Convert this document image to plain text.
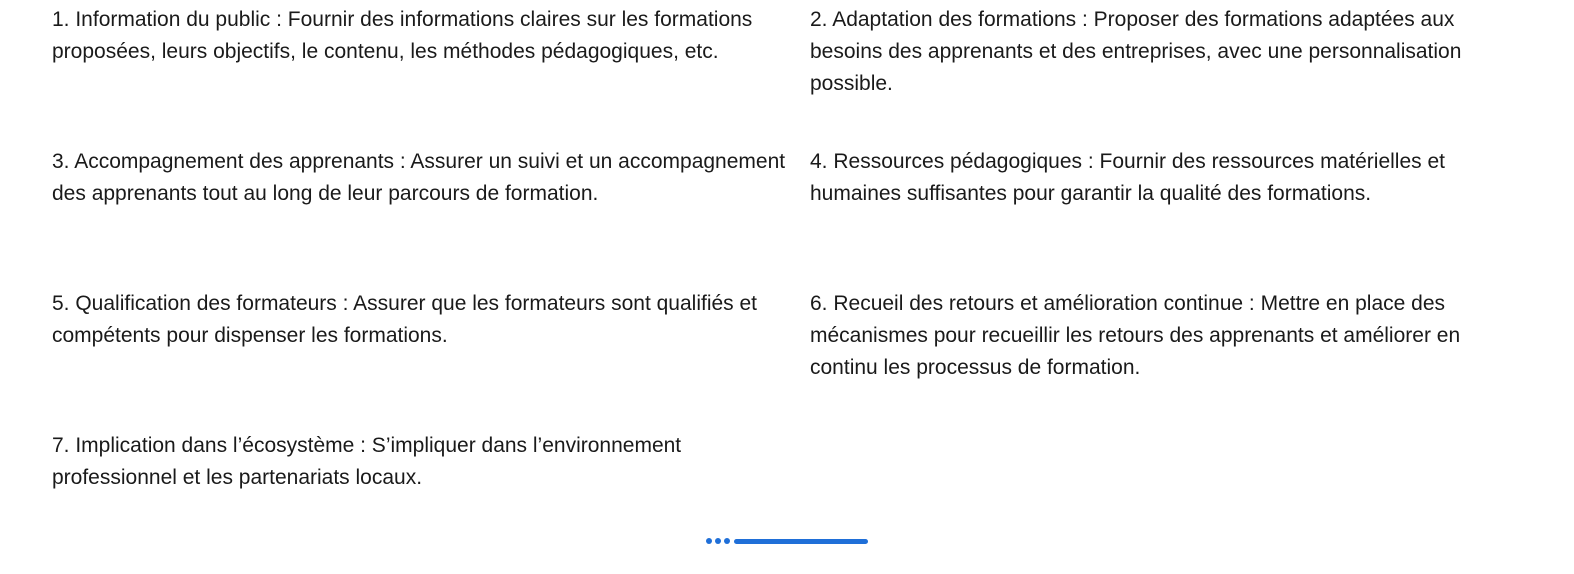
1. Information du public : Fournir des informations claires sur les formations proposées, leurs objectifs, le contenu, les méthodes pédagogiques, etc.

2. Adaptation des formations : Proposer des formations adaptées aux besoins des apprenants et des entreprises, avec une personnalisation possible.

3. Accompagnement des apprenants : Assurer un suivi et un accompagnement des apprenants tout au long de leur parcours de formation.

4. Ressources pédagogiques : Fournir des ressources matérielles et humaines suffisantes pour garantir la qualité des formations.

5. Qualification des formateurs : Assurer que les formateurs sont qualifiés et compétents pour dispenser les formations.

6. Recueil des retours et amélioration continue : Mettre en place des mécanismes pour recueillir les retours des apprenants et améliorer en continu les processus de formation.

7. Implication dans l’écosystème : S’impliquer dans l’environnement professionnel et les partenariats locaux.
